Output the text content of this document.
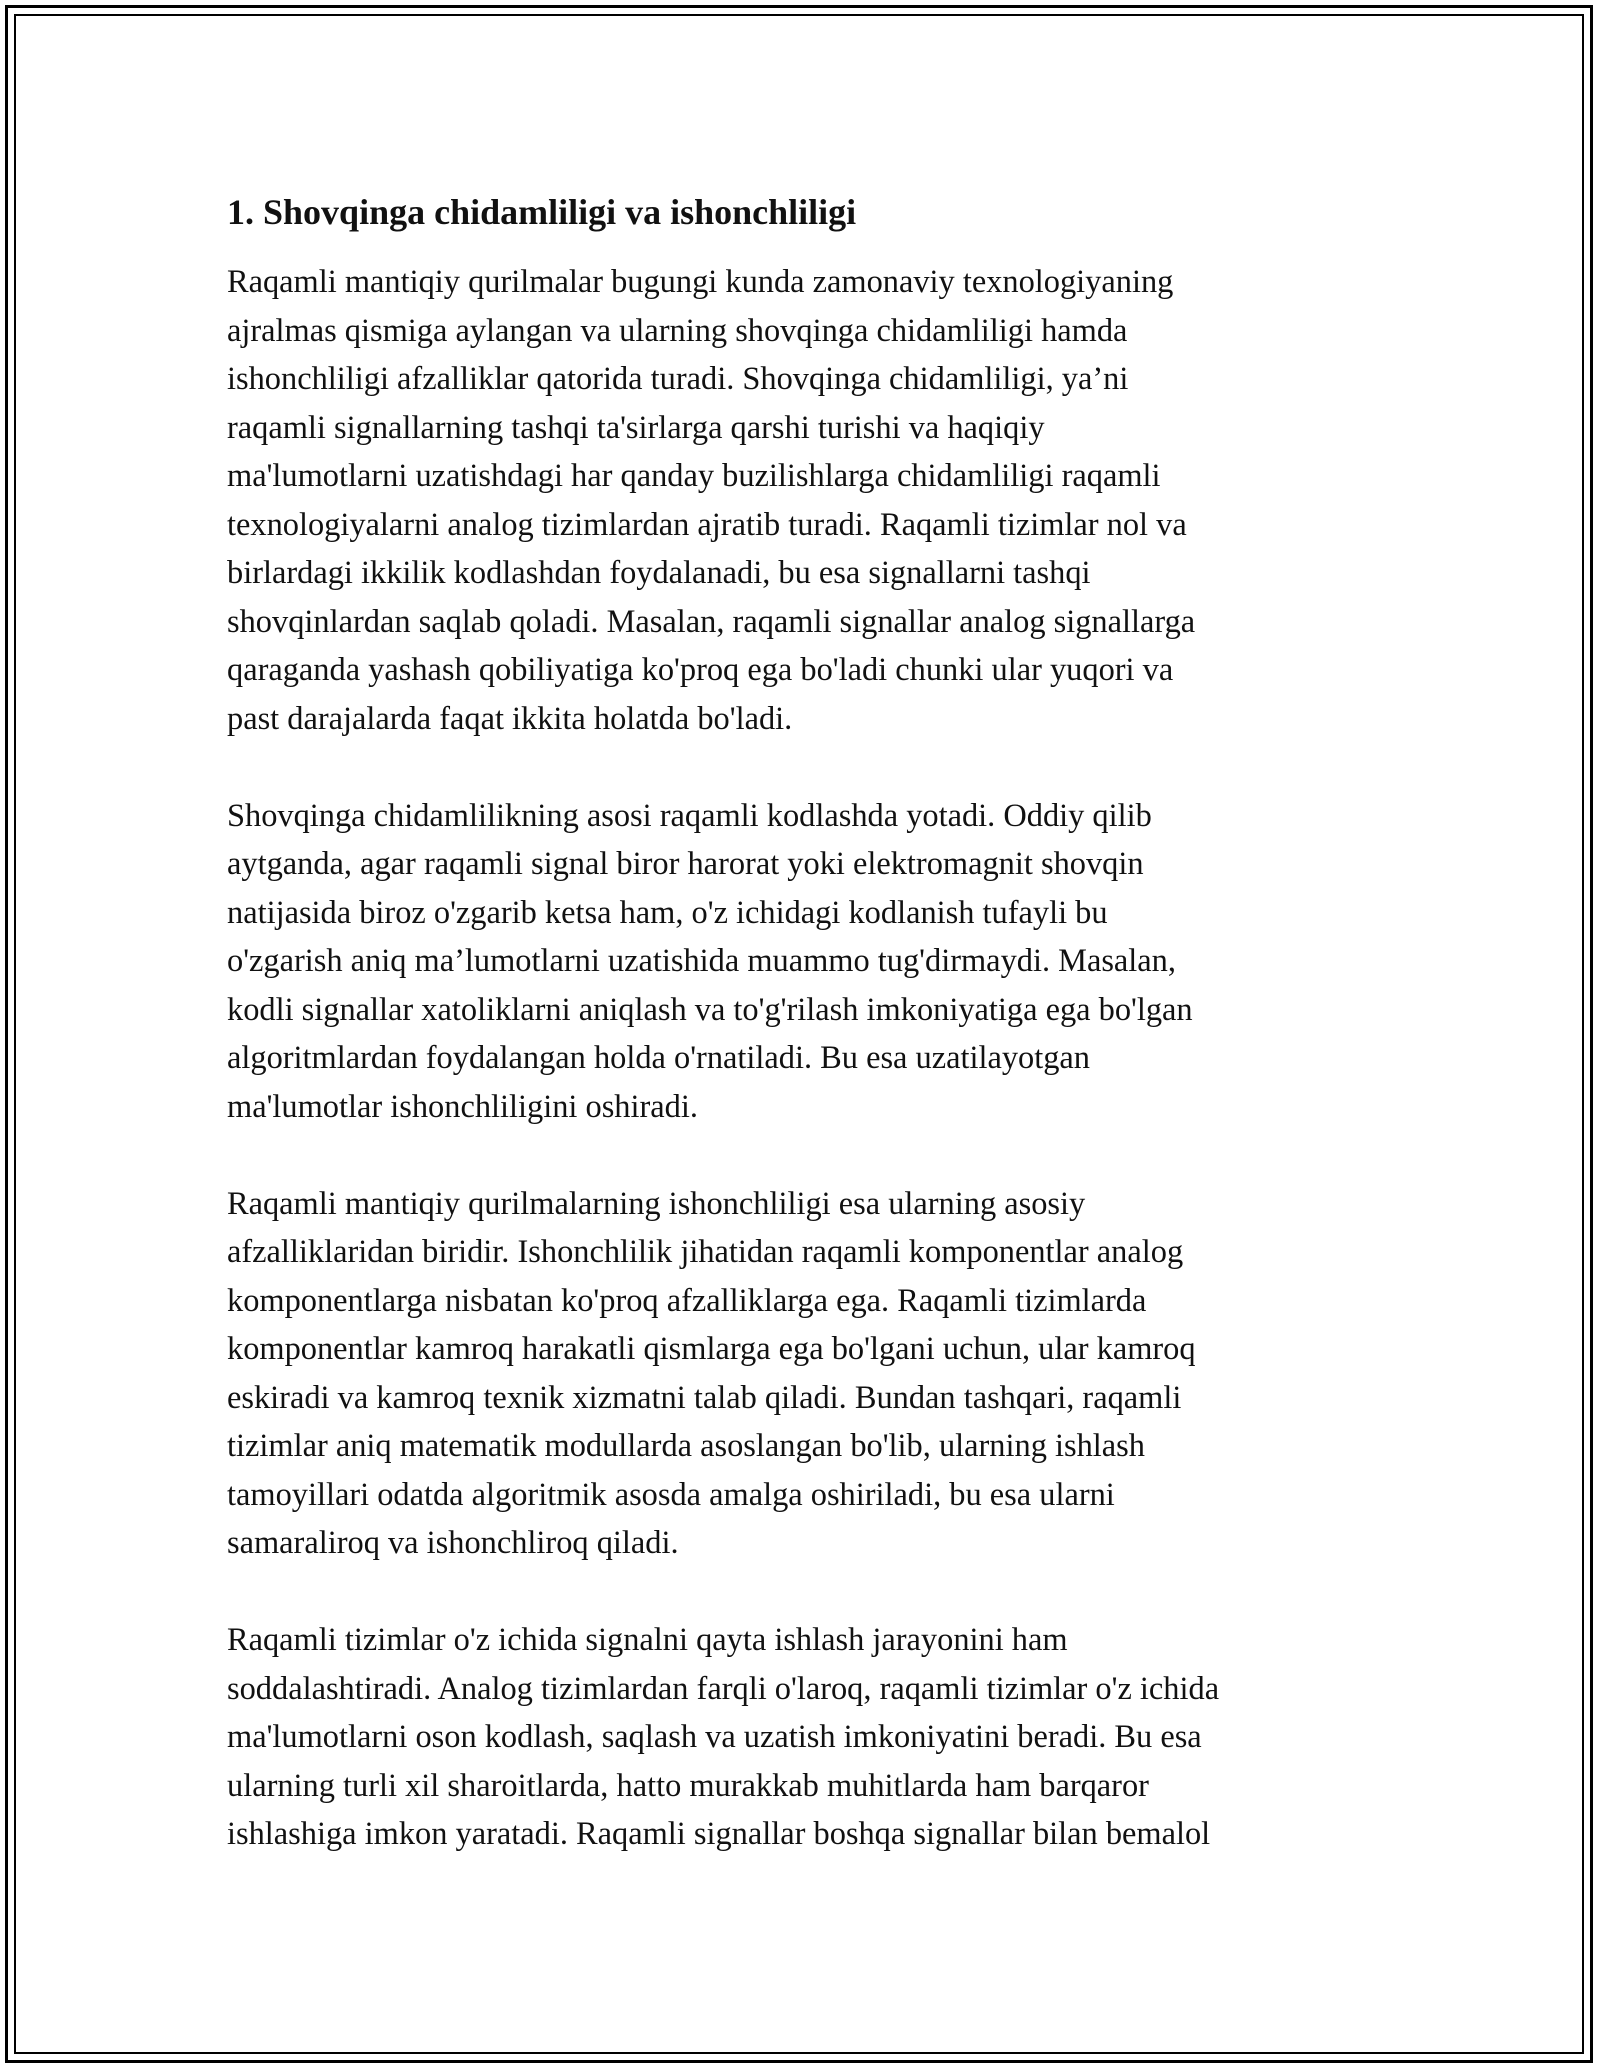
1. Shovqinga chidamliligi va ishonchliligi

Raqamli mantiqiy qurilmalar bugungi kunda zamonaviy texnologiyaning
ajralmas qismiga aylangan va ularning shovqinga chidamliligi hamda
ishonchliligi afzalliklar qatorida turadi. Shovqinga chidamliligi, ya’ni
raqamli signallarning tashqi ta'sirlarga qarshi turishi va haqiqiy
ma'lumotlarni uzatishdagi har qanday buzilishlarga chidamliligi raqamli
texnologiyalarni analog tizimlardan ajratib turadi. Raqamli tizimlar nol va
birlardagi ikkilik kodlashdan foydalanadi, bu esa signallarni tashqi
shovqinlardan saqlab qoladi. Masalan, raqamli signallar analog signallarga
qaraganda yashash qobiliyatiga ko'proq ega bo'ladi chunki ular yuqori va
past darajalarda faqat ikkita holatda bo'ladi.

Shovqinga chidamlilikning asosi raqamli kodlashda yotadi. Oddiy qilib
aytganda, agar raqamli signal biror harorat yoki elektromagnit shovqin
natijasida biroz o'zgarib ketsa ham, o'z ichidagi kodlanish tufayli bu
o'zgarish aniq ma’lumotlarni uzatishida muammo tug'dirmaydi. Masalan,
kodli signallar xatoliklarni aniqlash va to'g'rilash imkoniyatiga ega bo'lgan
algoritmlardan foydalangan holda o'rnatiladi. Bu esa uzatilayotgan
ma'lumotlar ishonchliligini oshiradi.

Raqamli mantiqiy qurilmalarning ishonchliligi esa ularning asosiy
afzalliklaridan biridir. Ishonchlilik jihatidan raqamli komponentlar analog
komponentlarga nisbatan ko'proq afzalliklarga ega. Raqamli tizimlarda
komponentlar kamroq harakatli qismlarga ega bo'lgani uchun, ular kamroq
eskiradi va kamroq texnik xizmatni talab qiladi. Bundan tashqari, raqamli
tizimlar aniq matematik modullarda asoslangan bo'lib, ularning ishlash
tamoyillari odatda algoritmik asosda amalga oshiriladi, bu esa ularni
samaraliroq va ishonchliroq qiladi.

Raqamli tizimlar o'z ichida signalni qayta ishlash jarayonini ham
soddalashtiradi. Analog tizimlardan farqli o'laroq, raqamli tizimlar o'z ichida
ma'lumotlarni oson kodlash, saqlash va uzatish imkoniyatini beradi. Bu esa
ularning turli xil sharoitlarda, hatto murakkab muhitlarda ham barqaror
ishlashiga imkon yaratadi. Raqamli signallar boshqa signallar bilan bemalol
